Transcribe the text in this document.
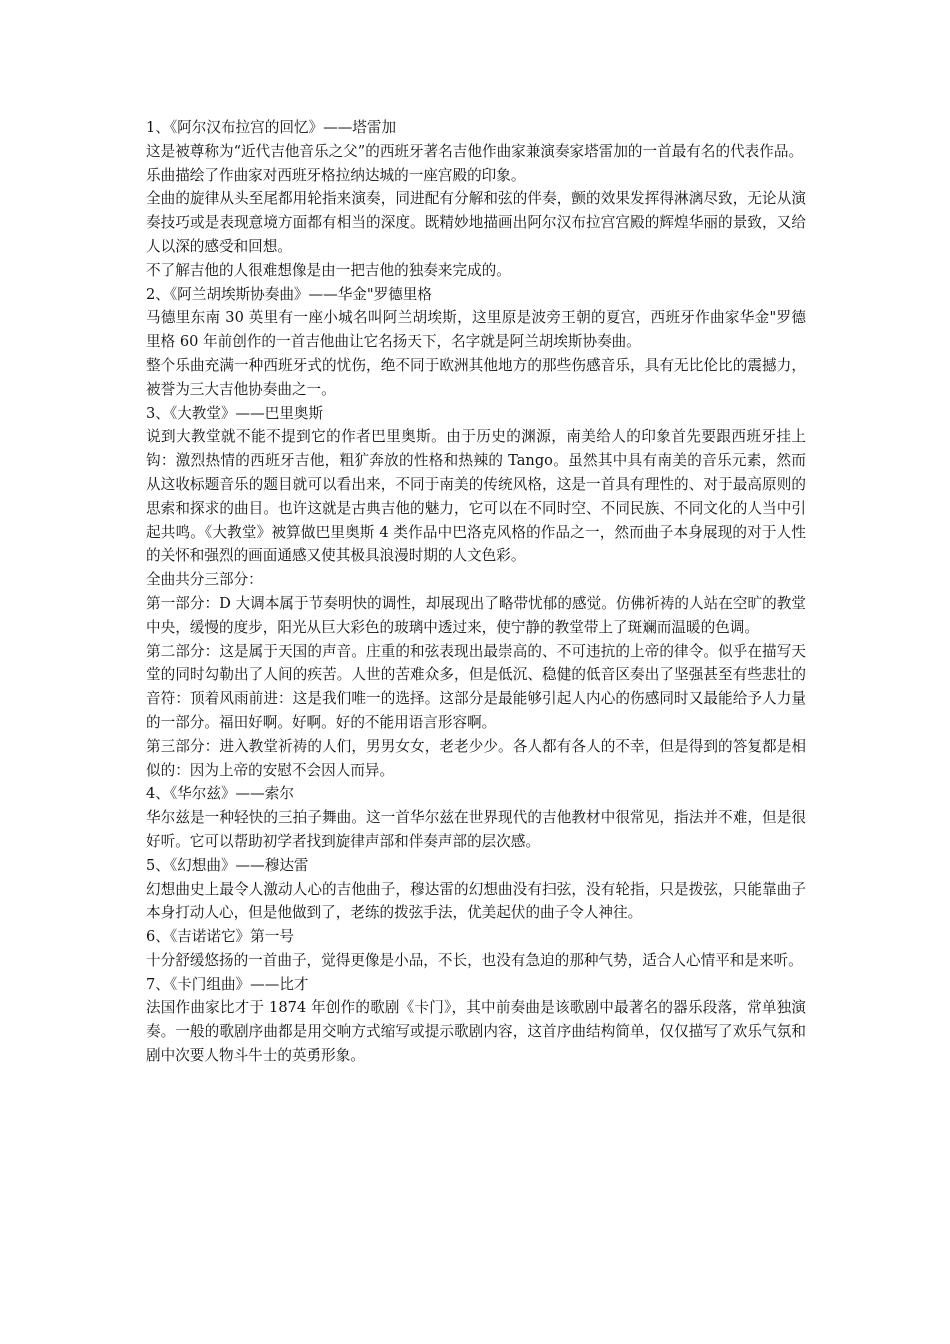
1、《阿尔汉布拉宫的回忆》——塔雷加

这是被尊称为“近代吉他音乐之父”的西班牙著名吉他作曲家兼演奏家塔雷加的一首最有名的代表作品。

乐曲描绘了作曲家对西班牙格拉纳达城的一座宫殿的印象。

全曲的旋律从头至尾都用轮指来演奏，同进配有分解和弦的伴奏，颤的效果发挥得淋漓尽致，无论从演奏技巧或是表现意境方面都有相当的深度。既精妙地描画出阿尔汉布拉宫宫殿的辉煌华丽的景致，又给人以深的感受和回想。

不了解吉他的人很难想像是由一把吉他的独奏来完成的。

2、《阿兰胡埃斯协奏曲》——华金"罗德里格

马德里东南 30 英里有一座小城名叫阿兰胡埃斯，这里原是波旁王朝的夏宫，西班牙作曲家华金"罗德里格 60 年前创作的一首吉他曲让它名扬天下，名字就是阿兰胡埃斯协奏曲。

整个乐曲充满一种西班牙式的忧伤，绝不同于欧洲其他地方的那些伤感音乐，具有无比伦比的震撼力，被誉为三大吉他协奏曲之一。

3、《大教堂》——巴里奥斯

说到大教堂就不能不提到它的作者巴里奥斯。由于历史的渊源，南美给人的印象首先要跟西班牙挂上钩：激烈热情的西班牙吉他，粗犷奔放的性格和热辣的 Tango。虽然其中具有南美的音乐元素，然而从这收标题音乐的题目就可以看出来，不同于南美的传统风格，这是一首具有理性的、对于最高原则的思索和探求的曲目。也许这就是古典吉他的魅力，它可以在不同时空、不同民族、不同文化的人当中引起共鸣。《大教堂》被算做巴里奥斯 4 类作品中巴洛克风格的作品之一，然而曲子本身展现的对于人性的关怀和强烈的画面通感又使其极具浪漫时期的人文色彩。

全曲共分三部分：

第一部分：D 大调本属于节奏明快的调性，却展现出了略带忧郁的感觉。仿佛祈祷的人站在空旷的教堂中央，缓慢的度步，阳光从巨大彩色的玻璃中透过来，使宁静的教堂带上了斑斓而温暖的色调。

第二部分：这是属于天国的声音。庄重的和弦表现出最崇高的、不可违抗的上帝的律令。似乎在描写天堂的同时勾勒出了人间的疾苦。人世的苦难众多，但是低沉、稳健的低音区奏出了坚强甚至有些悲壮的音符：顶着风雨前进：这是我们唯一的选择。这部分是最能够引起人内心的伤感同时又最能给予人力量的一部分。福田好啊。好啊。好的不能用语言形容啊。

第三部分：进入教堂祈祷的人们，男男女女，老老少少。各人都有各人的不幸，但是得到的答复都是相似的：因为上帝的安慰不会因人而异。

4、《华尔兹》——索尔

华尔兹是一种轻快的三拍子舞曲。这一首华尔兹在世界现代的吉他教材中很常见，指法并不难，但是很好听。它可以帮助初学者找到旋律声部和伴奏声部的层次感。

5、《幻想曲》——穆达雷

幻想曲史上最令人激动人心的吉他曲子，穆达雷的幻想曲没有扫弦，没有轮指，只是拨弦，只能靠曲子本身打动人心，但是他做到了，老练的拨弦手法，优美起伏的曲子令人神往。

6、《吉诺诺它》第一号

十分舒缓悠扬的一首曲子，觉得更像是小品，不长，也没有急迫的那种气势，适合人心情平和是来听。

7、《卡门组曲》——比才

法国作曲家比才于 1874 年创作的歌剧《卡门》，其中前奏曲是该歌剧中最著名的器乐段落，常单独演奏。一般的歌剧序曲都是用交响方式缩写或提示歌剧内容，这首序曲结构简单，仅仅描写了欢乐气氛和剧中次要人物斗牛士的英勇形象。
